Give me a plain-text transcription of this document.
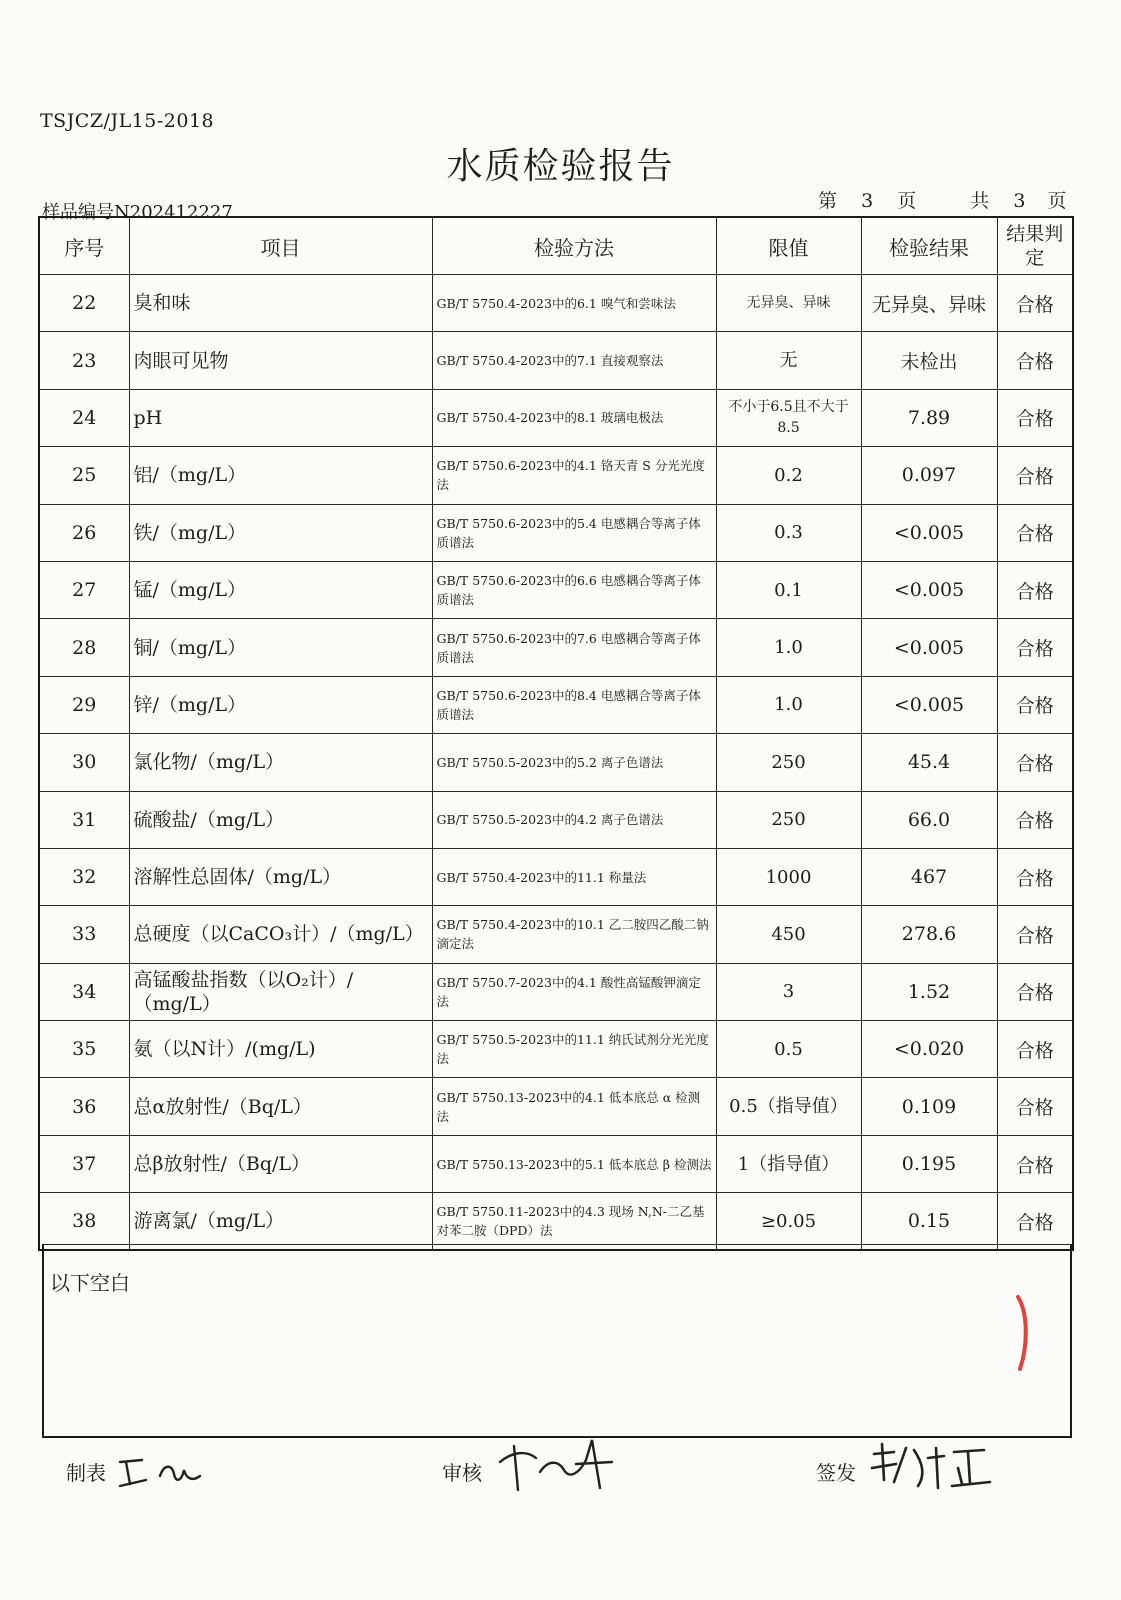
TSJCZ/JL15-2018
水质检验报告
样品编号N202412227
第 3 页	共 3 页
序号	项目	检验方法	限值	检验结果	结果判定
22	臭和味	GB/T 5750.4-2023中的6.1 嗅气和尝味法	无异臭、异味	无异臭、异味	合格
23	肉眼可见物	GB/T 5750.4-2023中的7.1 直接观察法	无	未检出	合格
24	pH	GB/T 5750.4-2023中的8.1 玻璃电极法	不小于6.5且不大于8.5	7.89	合格
25	铝/（mg/L）	GB/T 5750.6-2023中的4.1 铬天青 S 分光光度法	0.2	0.097	合格
26	铁/（mg/L）	GB/T 5750.6-2023中的5.4 电感耦合等离子体质谱法	0.3	<0.005	合格
27	锰/（mg/L）	GB/T 5750.6-2023中的6.6 电感耦合等离子体质谱法	0.1	<0.005	合格
28	铜/（mg/L）	GB/T 5750.6-2023中的7.6 电感耦合等离子体质谱法	1.0	<0.005	合格
29	锌/（mg/L）	GB/T 5750.6-2023中的8.4 电感耦合等离子体质谱法	1.0	<0.005	合格
30	氯化物/（mg/L）	GB/T 5750.5-2023中的5.2 离子色谱法	250	45.4	合格
31	硫酸盐/（mg/L）	GB/T 5750.5-2023中的4.2 离子色谱法	250	66.0	合格
32	溶解性总固体/（mg/L）	GB/T 5750.4-2023中的11.1 称量法	1000	467	合格
33	总硬度（以CaCO₃计）/（mg/L）	GB/T 5750.4-2023中的10.1 乙二胺四乙酸二钠滴定法	450	278.6	合格
34	高锰酸盐指数（以O₂计）/（mg/L）	GB/T 5750.7-2023中的4.1 酸性高锰酸钾滴定法	3	1.52	合格
35	氨（以N计）/(mg/L)	GB/T 5750.5-2023中的11.1 纳氏试剂分光光度法	0.5	<0.020	合格
36	总α放射性/（Bq/L）	GB/T 5750.13-2023中的4.1 低本底总 α 检测法	0.5（指导值）	0.109	合格
37	总β放射性/（Bq/L）	GB/T 5750.13-2023中的5.1 低本底总 β 检测法	1（指导值）	0.195	合格
38	游离氯/（mg/L）	GB/T 5750.11-2023中的4.3 现场 N,N-二乙基对苯二胺（DPD）法	≥0.05	0.15	合格
以下空白
制表	审核	签发
